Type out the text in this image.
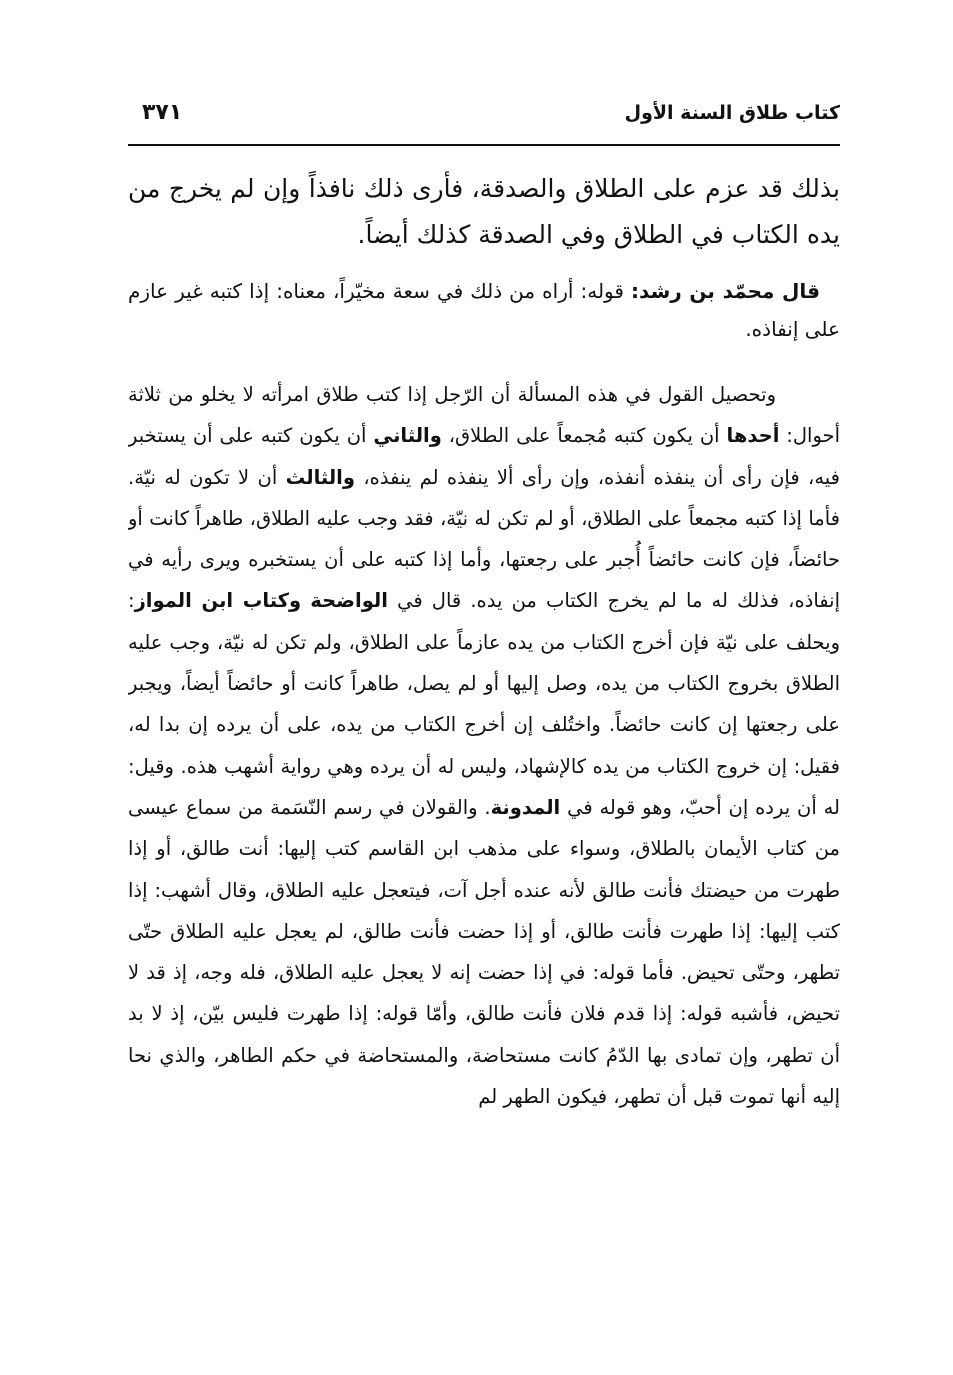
كتاب طلاق السنة الأول
٣٧١

بذلك قد عزم على الطلاق والصدقة، فأرى ذلك نافذاً وإن لم يخرج من يده الكتاب في الطلاق وفي الصدقة كذلك أيضاً.

قال محمّد بن رشد: قوله: أراه من ذلك في سعة مخيّراً، معناه: إذا كتبه غير عازم على إنفاذه.

وتحصيل القول في هذه المسألة أن الرّجل إذا كتب طلاق امرأته لا يخلو من ثلاثة أحوال: أحدها أن يكون كتبه مُجمعاً على الطلاق، والثاني أن يكون كتبه على أن يستخبر فيه، فإن رأى أن ينفذه أنفذه، وإن رأى ألا ينفذه لم ينفذه، والثالث أن لا تكون له نيّة. فأما إذا كتبه مجمعاً على الطلاق، أو لم تكن له نيّة، فقد وجب عليه الطلاق، طاهراً كانت أو حائضاً، فإن كانت حائضاً أُجبر على رجعتها، وأما إذا كتبه على أن يستخبره ويرى رأيه في إنفاذه، فذلك له ما لم يخرج الكتاب من يده. قال في الواضحة وكتاب ابن المواز: ويحلف على نيّة فإن أخرج الكتاب من يده عازماً على الطلاق، ولم تكن له نيّة، وجب عليه الطلاق بخروج الكتاب من يده، وصل إليها أو لم يصل، طاهراً كانت أو حائضاً أيضاً، ويجبر على رجعتها إن كانت حائضاً. واختُلف إن أخرج الكتاب من يده، على أن يرده إن بدا له، فقيل: إن خروج الكتاب من يده كالإشهاد، وليس له أن يرده وهي رواية أشهب هذه. وقيل: له أن يرده إن أحبّ، وهو قوله في المدونة. والقولان في رسم النّسَمة من سماع عيسى من كتاب الأيمان بالطلاق، وسواء على مذهب ابن القاسم كتب إليها: أنت طالق، أو إذا طهرت من حيضتك فأنت طالق لأنه عنده أجل آت، فيتعجل عليه الطلاق، وقال أشهب: إذا كتب إليها: إذا طهرت فأنت طالق، أو إذا حضت فأنت طالق، لم يعجل عليه الطلاق حتّى تطهر، وحتّى تحيض. فأما قوله: في إذا حضت إنه لا يعجل عليه الطلاق، فله وجه، إذ قد لا تحيض، فأشبه قوله: إذا قدم فلان فأنت طالق، وأمّا قوله: إذا طهرت فليس بيّن، إذ لا بد أن تطهر، وإن تمادى بها الدّمُ كانت مستحاضة، والمستحاضة في حكم الطاهر، والذي نحا إليه أنها تموت قبل أن تطهر، فيكون الطهر لم
